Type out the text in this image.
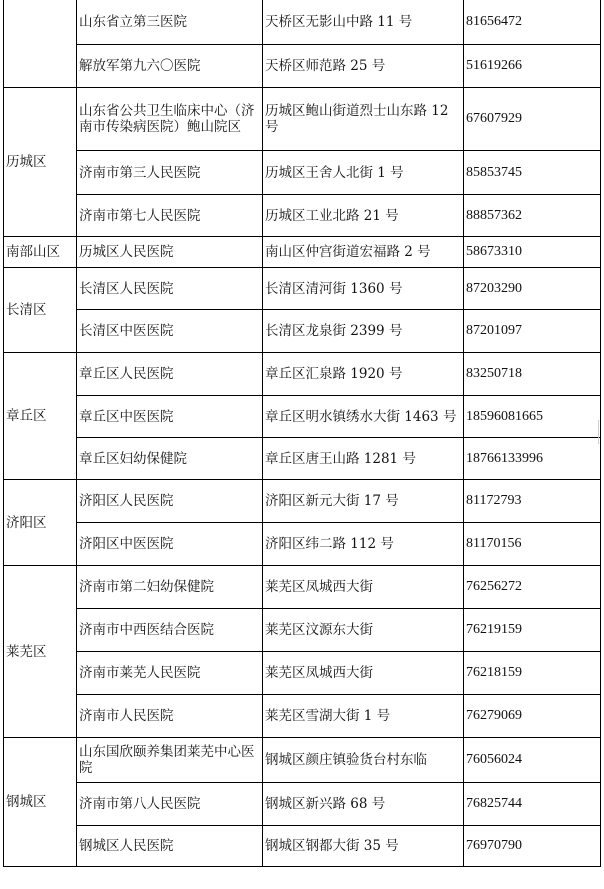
	山东省立第三医院	天桥区无影山中路 11 号	81656472
	解放军第九六〇医院	天桥区师范路 25 号	51619266
历城区	山东省公共卫生临床中心（济南市传染病医院）鲍山院区	历城区鲍山街道烈士山东路 12 号	67607929
	济南市第三人民医院	历城区王舍人北街 1 号	85853745
	济南市第七人民医院	历城区工业北路 21 号	88857362
南部山区	历城区人民医院	南山区仲宫街道宏福路 2 号	58673310
长清区	长清区人民医院	长清区清河街 1360 号	87203290
	长清区中医医院	长清区龙泉街 2399 号	87201097
章丘区	章丘区人民医院	章丘区汇泉路 1920 号	83250718
	章丘区中医医院	章丘区明水镇绣水大街 1463 号	18596081665
	章丘区妇幼保健院	章丘区唐王山路 1281 号	18766133996
济阳区	济阳区人民医院	济阳区新元大街 17 号	81172793
	济阳区中医医院	济阳区纬二路 112 号	81170156
莱芜区	济南市第二妇幼保健院	莱芜区凤城西大街	76256272
	济南市中西医结合医院	莱芜区汶源东大街	76219159
	济南市莱芜人民医院	莱芜区凤城西大街	76218159
	济南市人民医院	莱芜区雪湖大街 1 号	76279069
钢城区	山东国欣颐养集团莱芜中心医院	钢城区颜庄镇验货台村东临	76056024
	济南市第八人民医院	钢城区新兴路 68 号	76825744
	钢城区人民医院	钢城区钢都大街 35 号	76970790
